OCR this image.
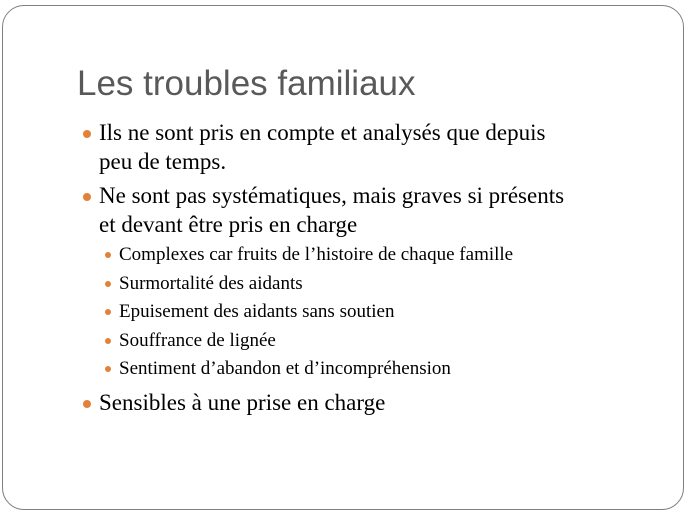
Les troubles familiaux
Ils ne sont pris en compte et analysés que depuis
peu de temps.
Ne sont pas systématiques, mais graves si présents
et devant être pris en charge
Complexes car fruits de l’histoire de chaque famille
Surmortalité des aidants
Epuisement des aidants sans soutien
Souffrance de lignée
Sentiment d’abandon et d’incompréhension
Sensibles à une prise en charge
